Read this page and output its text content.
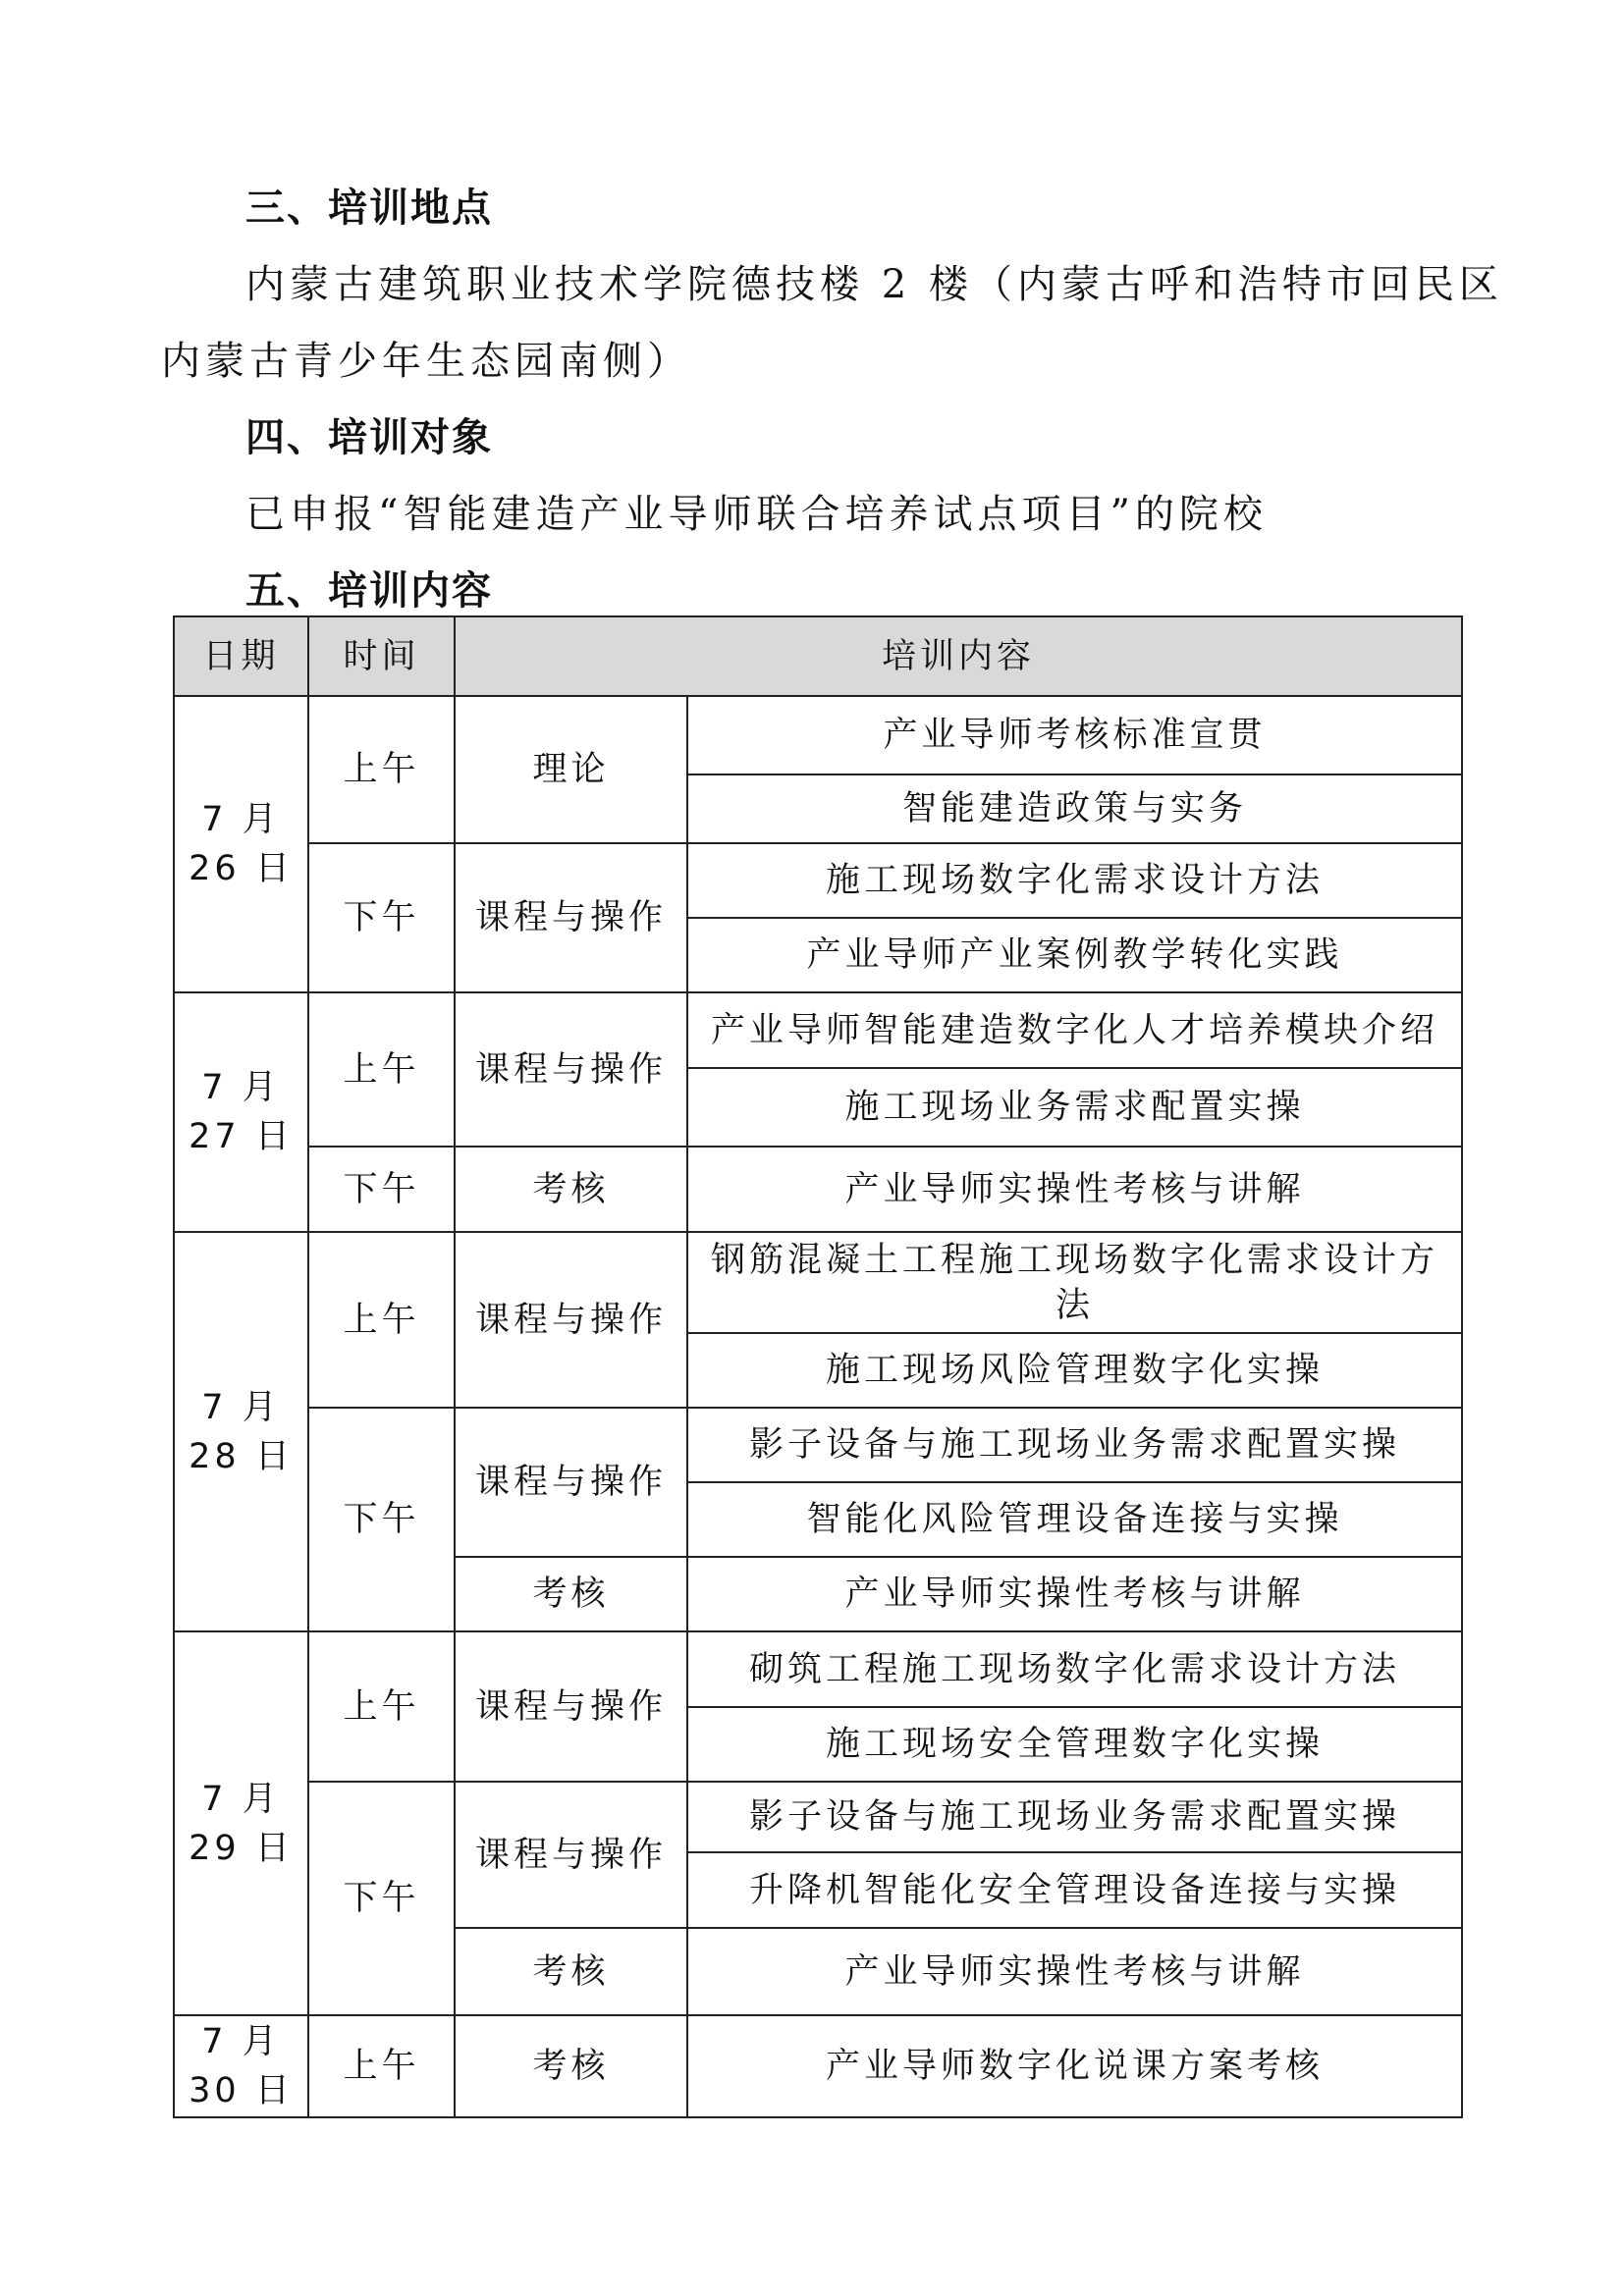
三、培训地点
内蒙古建筑职业技术学院德技楼 2 楼（内蒙古呼和浩特市回民区
内蒙古青少年生态园南侧）
四、培训对象
已申报“智能建造产业导师联合培养试点项目”的院校
五、培训内容
日期	时间	培训内容	
7 月
26 日	上午	理论	产业导师考核标准宣贯
			智能建造政策与实务
	下午	课程与操作	施工现场数字化需求设计方法
			产业导师产业案例教学转化实践
7 月
27 日	上午	课程与操作	产业导师智能建造数字化人才培养模块介绍
			施工现场业务需求配置实操
	下午	考核	产业导师实操性考核与讲解
7 月
28 日	上午	课程与操作	钢筋混凝土工程施工现场数字化需求设计方法
			施工现场风险管理数字化实操
	下午	课程与操作	影子设备与施工现场业务需求配置实操
			智能化风险管理设备连接与实操
		考核	产业导师实操性考核与讲解
7 月
29 日	上午	课程与操作	砌筑工程施工现场数字化需求设计方法
			施工现场安全管理数字化实操
	下午	课程与操作	影子设备与施工现场业务需求配置实操
			升降机智能化安全管理设备连接与实操
		考核	产业导师实操性考核与讲解
7 月
30 日	上午	考核	产业导师数字化说课方案考核
